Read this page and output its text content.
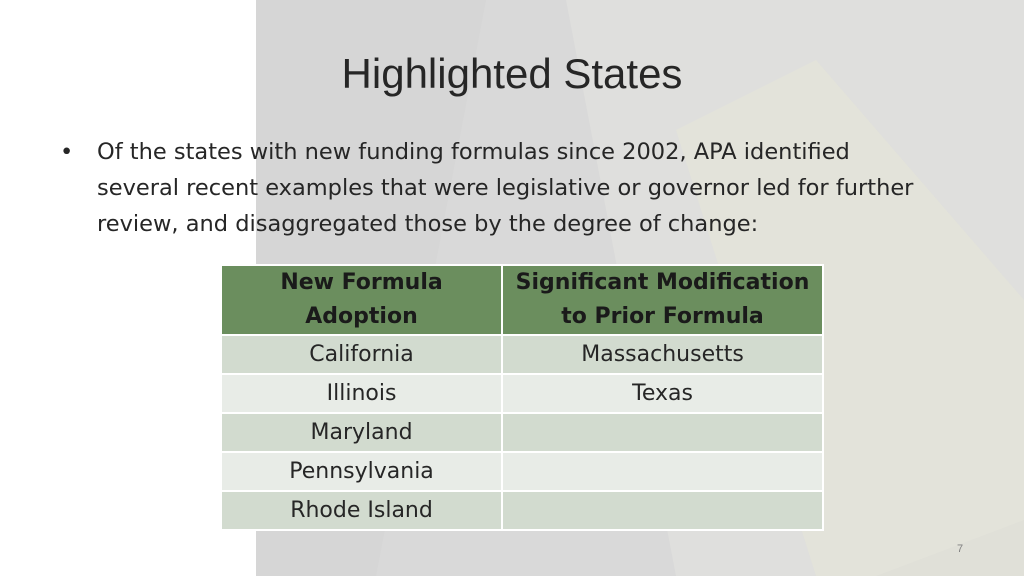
Highlighted States
• Of the states with new funding formulas since 2002, APA identified several recent examples that were legislative or governor led for further review, and disaggregated those by the degree of change:
New Formula Adoption	Significant Modification to Prior Formula
California	Massachusetts
Illinois	Texas
Maryland	
Pennsylvania	
Rhode Island	
7
